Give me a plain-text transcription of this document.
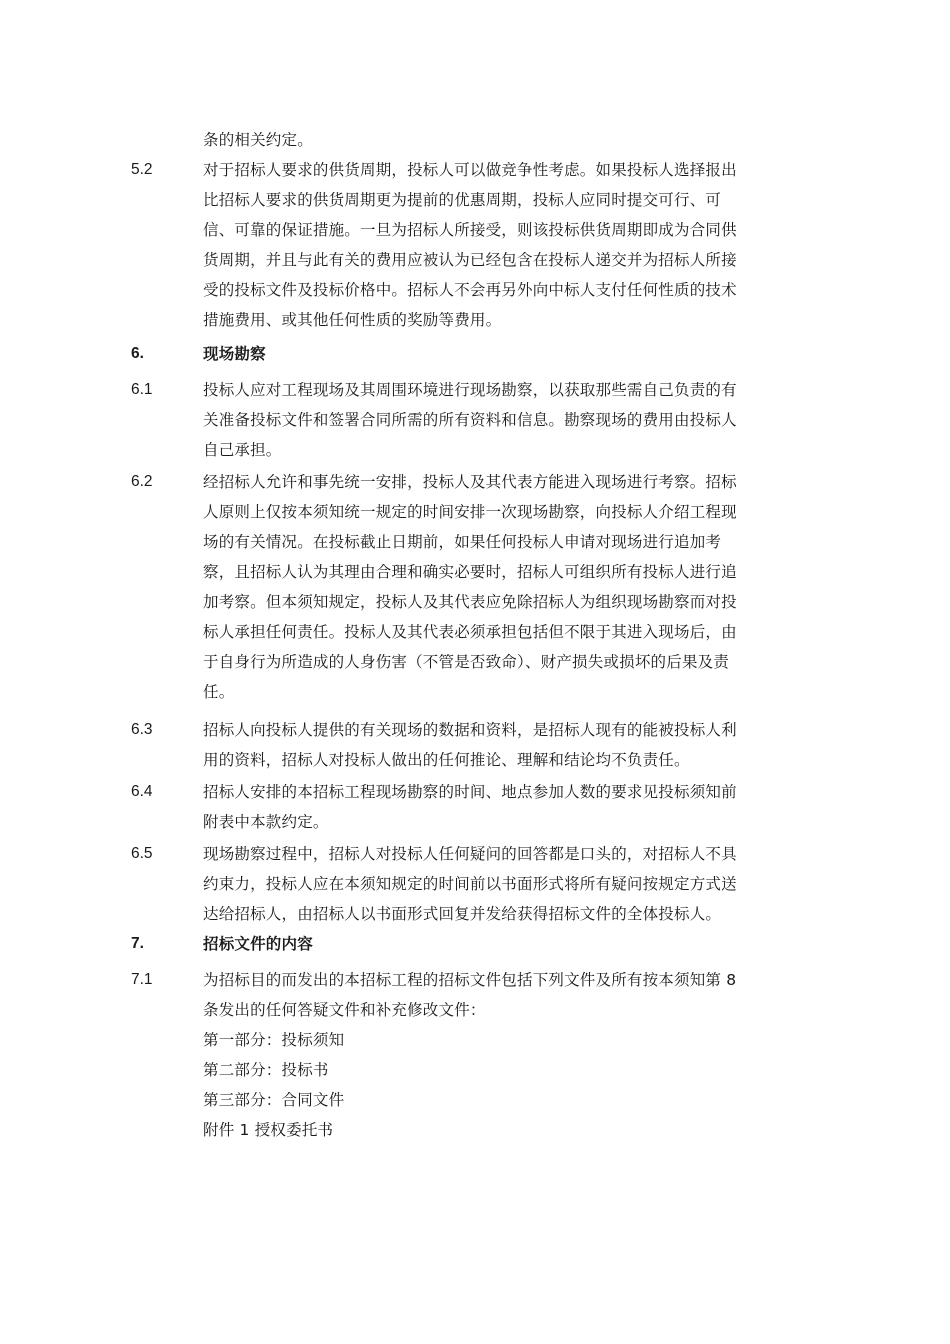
条的相关约定。
5.2	对于招标人要求的供货周期，投标人可以做竞争性考虑。如果投标人选择报出
比招标人要求的供货周期更为提前的优惠周期，投标人应同时提交可行、可
信、可靠的保证措施。一旦为招标人所接受，则该投标供货周期即成为合同供
货周期，并且与此有关的费用应被认为已经包含在投标人递交并为招标人所接
受的投标文件及投标价格中。招标人不会再另外向中标人支付任何性质的技术
措施费用、或其他任何性质的奖励等费用。
6.	现场勘察
6.1	投标人应对工程现场及其周围环境进行现场勘察，以获取那些需自己负责的有
关准备投标文件和签署合同所需的所有资料和信息。勘察现场的费用由投标人
自己承担。
6.2	经招标人允许和事先统一安排，投标人及其代表方能进入现场进行考察。招标
人原则上仅按本须知统一规定的时间安排一次现场勘察，向投标人介绍工程现
场的有关情况。在投标截止日期前，如果任何投标人申请对现场进行追加考
察，且招标人认为其理由合理和确实必要时，招标人可组织所有投标人进行追
加考察。但本须知规定，投标人及其代表应免除招标人为组织现场勘察而对投
标人承担任何责任。投标人及其代表必须承担包括但不限于其进入现场后，由
于自身行为所造成的人身伤害（不管是否致命）、财产损失或损坏的后果及责
任。
6.3	招标人向投标人提供的有关现场的数据和资料，是招标人现有的能被投标人利
用的资料，招标人对投标人做出的任何推论、理解和结论均不负责任。
6.4	招标人安排的本招标工程现场勘察的时间、地点参加人数的要求见投标须知前
附表中本款约定。
6.5	现场勘察过程中，招标人对投标人任何疑问的回答都是口头的，对招标人不具
约束力，投标人应在本须知规定的时间前以书面形式将所有疑问按规定方式送
达给招标人，由招标人以书面形式回复并发给获得招标文件的全体投标人。
7.	招标文件的内容
7.1	为招标目的而发出的本招标工程的招标文件包括下列文件及所有按本须知第 8
条发出的任何答疑文件和补充修改文件：
第一部分：投标须知
第二部分：投标书
第三部分：合同文件
附件 1 授权委托书
